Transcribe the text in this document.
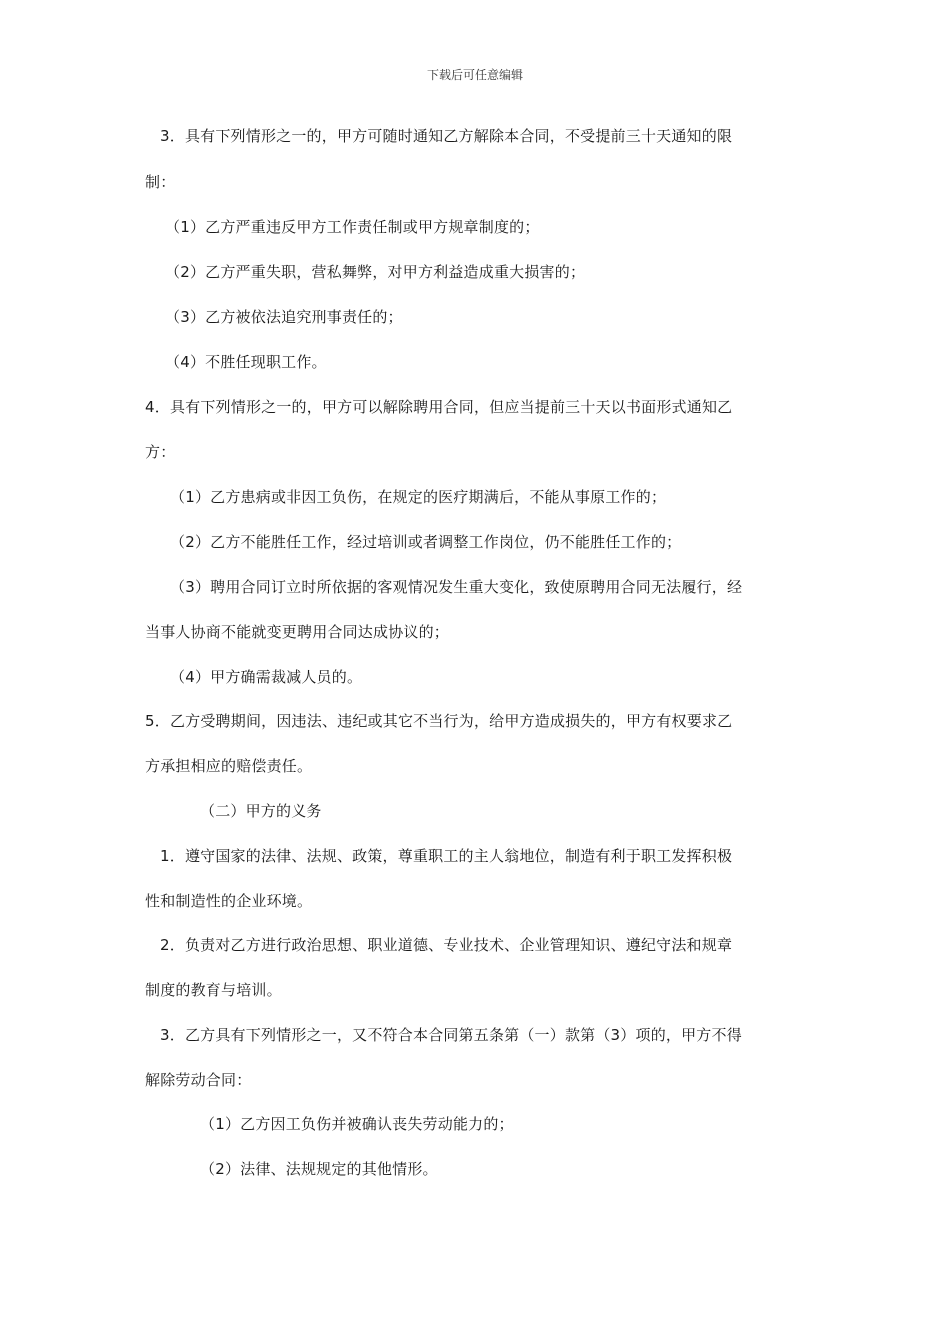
下载后可任意编辑
3．具有下列情形之一的，甲方可随时通知乙方解除本合同，不受提前三十天通知的限
制：
（1）乙方严重违反甲方工作责任制或甲方规章制度的；
（2）乙方严重失职，营私舞弊，对甲方利益造成重大损害的；
（3）乙方被依法追究刑事责任的；
（4）不胜任现职工作。
4．具有下列情形之一的，甲方可以解除聘用合同，但应当提前三十天以书面形式通知乙
方：
（1）乙方患病或非因工负伤，在规定的医疗期满后，不能从事原工作的；
（2）乙方不能胜任工作，经过培训或者调整工作岗位，仍不能胜任工作的；
（3）聘用合同订立时所依据的客观情况发生重大变化，致使原聘用合同无法履行，经
当事人协商不能就变更聘用合同达成协议的；
（4）甲方确需裁减人员的。
5．乙方受聘期间，因违法、违纪或其它不当行为，给甲方造成损失的，甲方有权要求乙
方承担相应的赔偿责任。
（二）甲方的义务
1．遵守国家的法律、法规、政策，尊重职工的主人翁地位，制造有利于职工发挥积极
性和制造性的企业环境。
2．负责对乙方进行政治思想、职业道德、专业技术、企业管理知识、遵纪守法和规章
制度的教育与培训。
3．乙方具有下列情形之一，又不符合本合同第五条第（一）款第（3）项的，甲方不得
解除劳动合同：
（1）乙方因工负伤并被确认丧失劳动能力的；
（2）法律、法规规定的其他情形。
